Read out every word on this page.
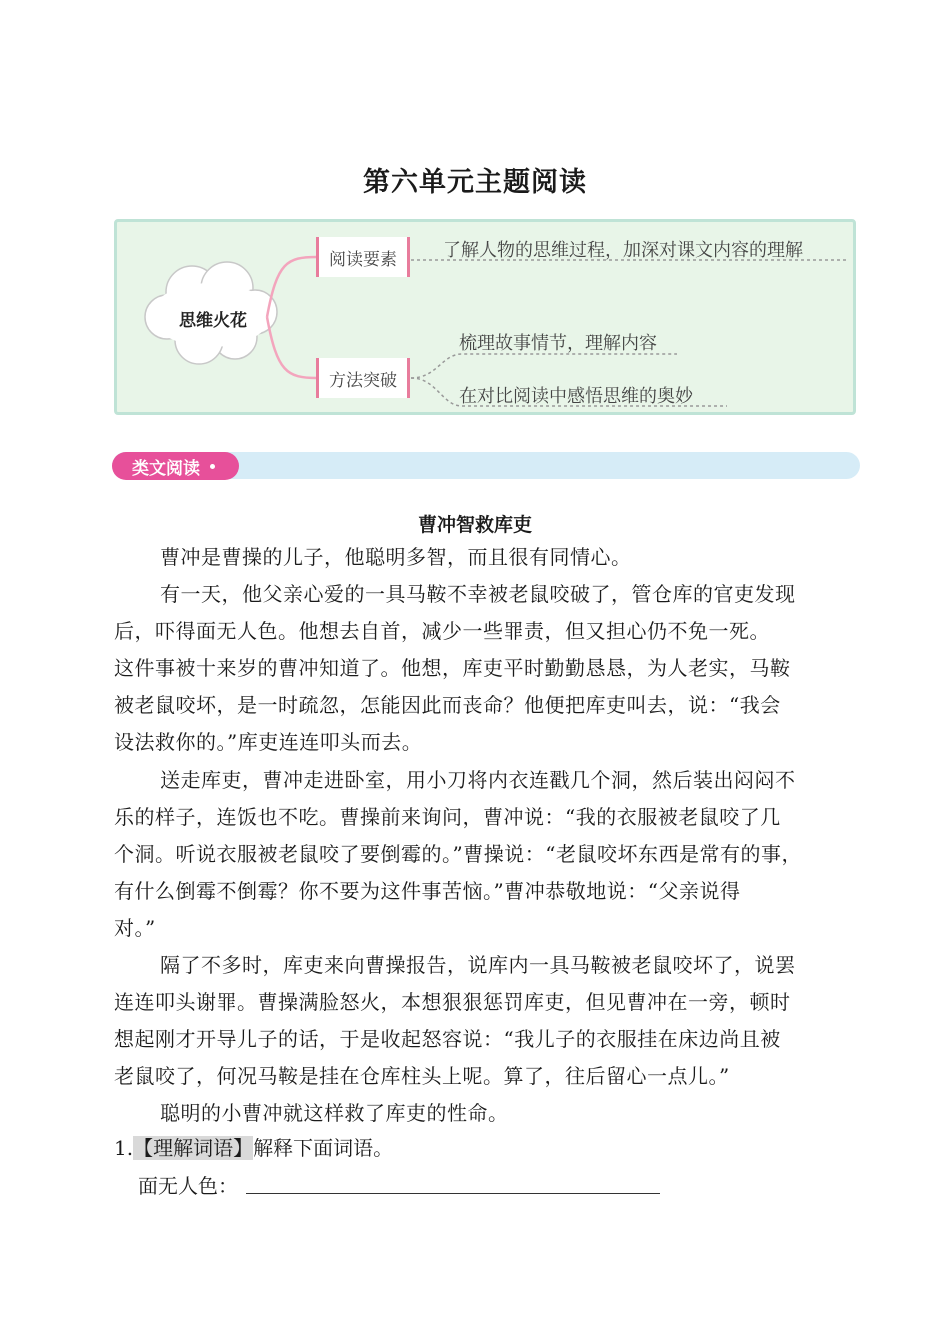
第六单元主题阅读
思维火花
阅读要素
方法突破
了解人物的思维过程，加深对课文内容的理解
梳理故事情节，理解内容
在对比阅读中感悟思维的奥妙
类文阅读
曹冲智救库吏
曹冲是曹操的儿子，他聪明多智，而且很有同情心。
有一天，他父亲心爱的一具马鞍不幸被老鼠咬破了，管仓库的官吏发现
后，吓得面无人色。他想去自首，减少一些罪责，但又担心仍不免一死。
这件事被十来岁的曹冲知道了。他想，库吏平时勤勤恳恳，为人老实，马鞍
被老鼠咬坏，是一时疏忽，怎能因此而丧命？他便把库吏叫去，说：“我会
设法救你的。”库吏连连叩头而去。
送走库吏，曹冲走进卧室，用小刀将内衣连戳几个洞，然后装出闷闷不
乐的样子，连饭也不吃。曹操前来询问，曹冲说：“我的衣服被老鼠咬了几
个洞。听说衣服被老鼠咬了要倒霉的。”曹操说：“老鼠咬坏东西是常有的事，
有什么倒霉不倒霉？你不要为这件事苦恼。”曹冲恭敬地说：“父亲说得
对。”
隔了不多时，库吏来向曹操报告，说库内一具马鞍被老鼠咬坏了，说罢
连连叩头谢罪。曹操满脸怒火，本想狠狠惩罚库吏，但见曹冲在一旁，顿时
想起刚才开导儿子的话，于是收起怒容说：“我儿子的衣服挂在床边尚且被
老鼠咬了，何况马鞍是挂在仓库柱头上呢。算了，往后留心一点儿。”
聪明的小曹冲就这样救了库吏的性命。
1.【理解词语】解释下面词语。
面无人色：
